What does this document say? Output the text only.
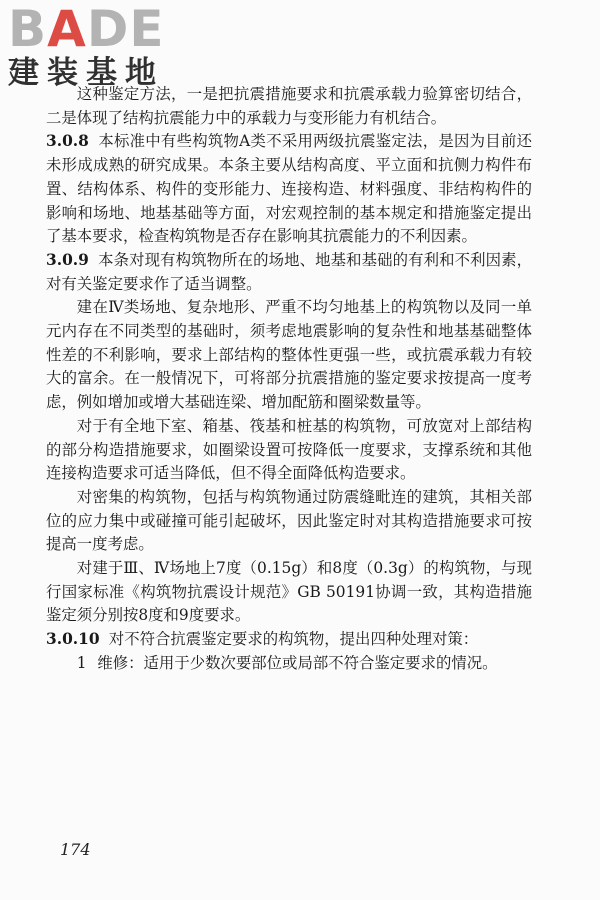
BADE
建装基地

这种鉴定方法，一是把抗震措施要求和抗震承载力验算密切结合，二是体现了结构抗震能力中的承载力与变形能力有机结合。

3.0.8 本标准中有些构筑物A类不采用两级抗震鉴定法，是因为目前还未形成成熟的研究成果。本条主要从结构高度、平立面和抗侧力构件布置、结构体系、构件的变形能力、连接构造、材料强度、非结构构件的影响和场地、地基基础等方面，对宏观控制的基本规定和措施鉴定提出了基本要求，检查构筑物是否存在影响其抗震能力的不利因素。

3.0.9 本条对现有构筑物所在的场地、地基和基础的有利和不利因素，对有关鉴定要求作了适当调整。

建在Ⅳ类场地、复杂地形、严重不均匀地基上的构筑物以及同一单元内存在不同类型的基础时，须考虑地震影响的复杂性和地基基础整体性差的不利影响，要求上部结构的整体性更强一些，或抗震承载力有较大的富余。在一般情况下，可将部分抗震措施的鉴定要求按提高一度考虑，例如增加或增大基础连梁、增加配筋和圈梁数量等。

对于有全地下室、箱基、筏基和桩基的构筑物，可放宽对上部结构的部分构造措施要求，如圈梁设置可按降低一度要求，支撑系统和其他连接构造要求可适当降低，但不得全面降低构造要求。

对密集的构筑物，包括与构筑物通过防震缝毗连的建筑，其相关部位的应力集中或碰撞可能引起破坏，因此鉴定时对其构造措施要求可按提高一度考虑。

对建于Ⅲ、Ⅳ场地上7度（0.15g）和8度（0.3g）的构筑物，与现行国家标准《构筑物抗震设计规范》GB 50191协调一致，其构造措施鉴定须分别按8度和9度要求。

3.0.10 对不符合抗震鉴定要求的构筑物，提出四种处理对策：

1 维修：适用于少数次要部位或局部不符合鉴定要求的情况。

174
